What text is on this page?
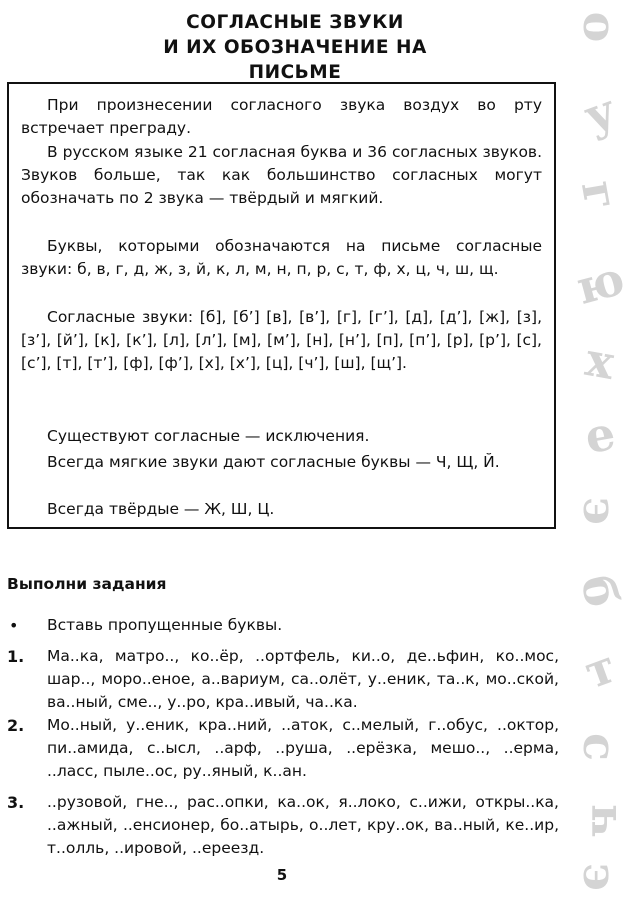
СОГЛАСНЫЕ ЗВУКИ
И ИХ ОБОЗНАЧЕНИЕ НА ПИСЬМЕ
При произнесении согласного звука воздух во рту встречает преграду.
В русском языке 21 согласная буква и 36 согласных звуков. Звуков больше, так как большинство согласных могут обозначать по 2 звука — твёрдый и мягкий.
Буквы, которыми обозначаются на письме согласные звуки: б, в, г, д, ж, з, й, к, л, м, н, п, р, с, т, ф, х, ц, ч, ш, щ.
Согласные звуки: [б], [б’] [в], [в’], [г], [г’], [д], [д’], [ж], [з], [з’], [й’], [к], [к’], [л], [л’], [м], [м’], [н], [н’], [п], [п’], [р], [р’], [с], [с’], [т], [т’], [ф], [ф’], [х], [х’], [ц], [ч’], [ш], [щ’].
Существуют согласные — исключения.
Всегда мягкие звуки дают согласные буквы — Ч, Щ, Й.
Всегда твёрдые — Ж, Ш, Ц.
Выполни задания
• Вставь пропущенные буквы.
1. Ма..ка, матро.., ко..ёр, ..ортфель, ки..о, де..ьфин, ко..мос, шар.., моро..еное, а..вариум, са..олёт, у..еник, та..к, мо..ской, ва..ный, сме.., у..ро, кра..ивый, ча..ка.
2. Мо..ный, у..еник, кра..ний, ..аток, с..мелый, г..обус, ..октор, пи..амида, с..ысл, ..арф, ..руша, ..ерёзка, мешо.., ..ерма, ..ласс, пыле..ос, ру..яный, к..ан.
3. ..рузовой, гне.., рас..опки, ка..ок, я..локо, с..ижи, откры..ка, ..ажный, ..енсионер, бо..атырь, о..лет, кру..ок, ва..ный, ке..ир, т..олль, ..ировой, ..ереезд.
5
о
у
г
ю
х
е
э
б
т
с
ч
э
